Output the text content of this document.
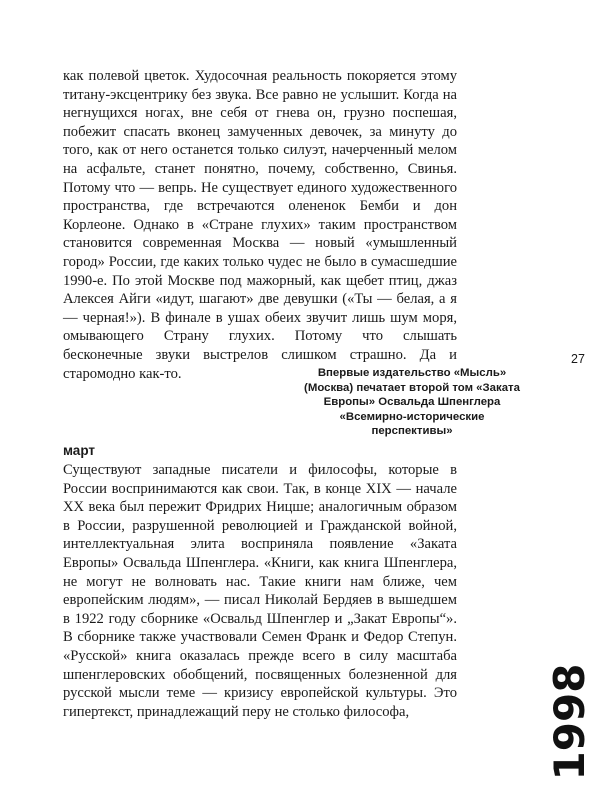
как полевой цветок. Худосочная реальность покоряется этому титану-эксцентрику без звука. Все равно не услышит. Когда на негнущихся ногах, вне себя от гнева он, грузно поспешая, побежит спасать вконец замученных девочек, за минуту до того, как от него останется только силуэт, начерченный мелом на асфальте, станет понятно, почему, собственно, Свинья. Потому что — вепрь. Не существует единого художественного пространства, где встречаются олененок Бемби и дон Корлеоне. Однако в «Стране глухих» таким пространством становится современная Москва — новый «умышленный город» России, где каких только чудес не было в сумасшедшие 1990-е. По этой Москве под мажорный, как щебет птиц, джаз Алексея Айги «идут, шагают» две девушки («Ты — белая, а я — черная!»). В финале в ушах обеих звучит лишь шум моря, омывающего Страну глухих. Потому что слышать бесконечные звуки выстрелов слишком страшно. Да и старомодно как-то.

27

Впервые издательство «Мысль» (Москва) печатает второй том «Заката Европы» Освальда Шпенглера «Всемирно-исторические перспективы»

март

Существуют западные писатели и философы, которые в России воспринимаются как свои. Так, в конце XIX — начале XX века был пережит Фридрих Ницше; аналогичным образом в России, разрушенной революцией и Гражданской войной, интеллектуальная элита восприняла появление «Заката Европы» Освальда Шпенглера. «Книги, как книга Шпенглера, не могут не волновать нас. Такие книги нам ближе, чем европейским людям», — писал Николай Бердяев в вышедшем в 1922 году сборнике «Освальд Шпенглер и „Закат Европы“». В сборнике также участвовали Семен Франк и Федор Степун. «Русской» книга оказалась прежде всего в силу масштаба шпенглеровских обобщений, посвященных болезненной для русской мысли теме — кризису европейской культуры. Это гипертекст, принадлежащий перу не столько философа,	1998
